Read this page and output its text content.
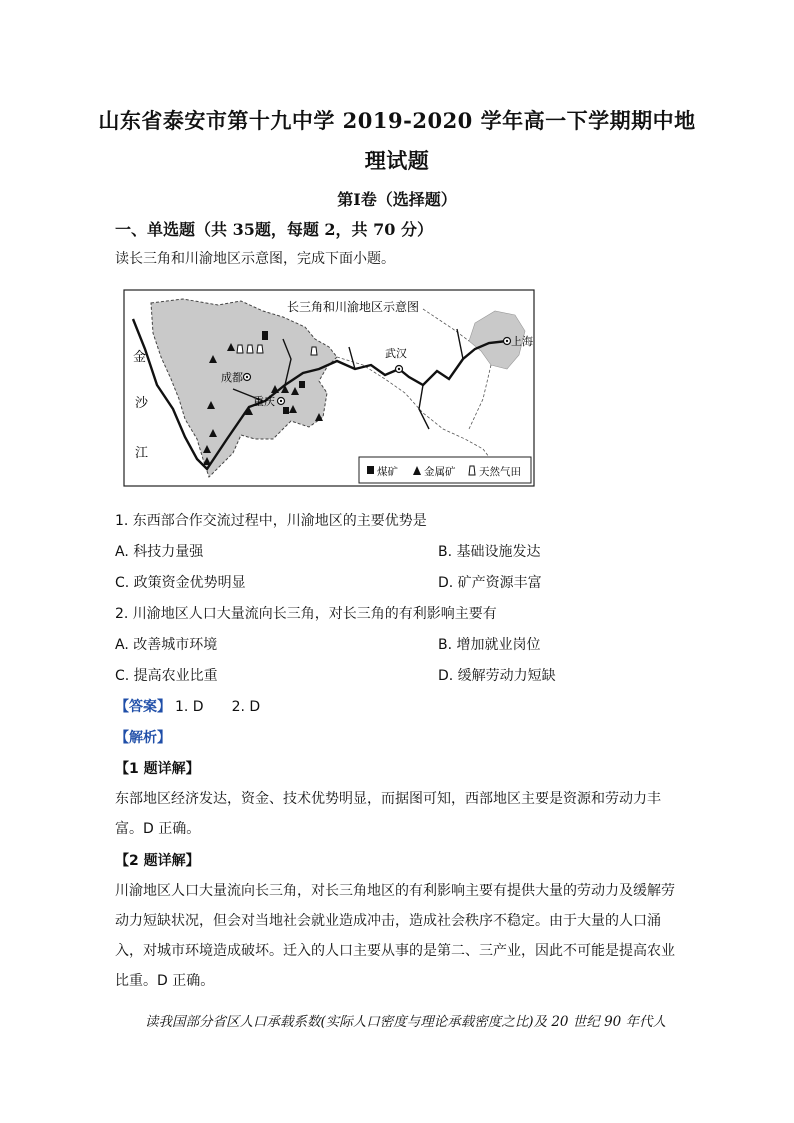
山东省泰安市第十九中学 2019-2020 学年高一下学期期中地
理试题
第Ⅰ卷（选择题）
一、单选题（共 35题，每题 2，共 70 分）
读长三角和川渝地区示意图，完成下面小题。
长三角和川渝地区示意图
金
沙
江
成都
重庆
武汉
上海
煤矿 金属矿 天然气田
1. 东西部合作交流过程中，川渝地区的主要优势是
A. 科技力量强	B. 基础设施发达
C. 政策资金优势明显	D. 矿产资源丰富
2. 川渝地区人口大量流向长三角，对长三角的有利影响主要有
A. 改善城市环境	B. 增加就业岗位
C. 提高农业比重	D. 缓解劳动力短缺
【答案】 1. D　　2. D
【解析】
【1 题详解】
东部地区经济发达，资金、技术优势明显，而据图可知，西部地区主要是资源和劳动力丰富。D 正确。
【2 题详解】
川渝地区人口大量流向长三角，对长三角地区的有利影响主要有提供大量的劳动力及缓解劳动力短缺状况，但会对当地社会就业造成冲击，造成社会秩序不稳定。由于大量的人口涌入，对城市环境造成破坏。迁入的人口主要从事的是第二、三产业，因此不可能是提高农业比重。D 正确。
读我国部分省区人口承载系数(实际人口密度与理论承载密度之比)及 20 世纪 90 年代人
